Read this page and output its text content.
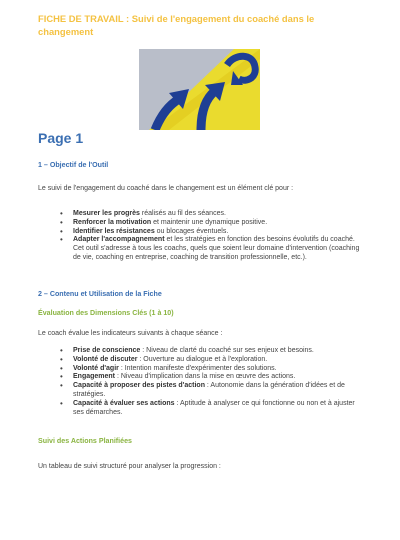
FICHE DE TRAVAIL : Suivi de l'engagement du coaché dans le changement
Page 1
1 – Objectif de l'Outil
Le suivi de l'engagement du coaché dans le changement est un élément clé pour :
• Mesurer les progrès réalisés au fil des séances.
• Renforcer la motivation et maintenir une dynamique positive.
• Identifier les résistances ou blocages éventuels.
• Adapter l'accompagnement et les stratégies en fonction des besoins évolutifs du coaché. Cet outil s'adresse à tous les coachs, quels que soient leur domaine d'intervention (coaching de vie, coaching en entreprise, coaching de transition professionnelle, etc.).
2 – Contenu et Utilisation de la Fiche
Évaluation des Dimensions Clés (1 à 10)
Le coach évalue les indicateurs suivants à chaque séance :
• Prise de conscience : Niveau de clarté du coaché sur ses enjeux et besoins.
• Volonté de discuter : Ouverture au dialogue et à l'exploration.
• Volonté d'agir : Intention manifeste d'expérimenter des solutions.
• Engagement : Niveau d'implication dans la mise en œuvre des actions.
• Capacité à proposer des pistes d'action : Autonomie dans la génération d'idées et de stratégies.
• Capacité à évaluer ses actions : Aptitude à analyser ce qui fonctionne ou non et à ajuster ses démarches.
Suivi des Actions Planifiées
Un tableau de suivi structuré pour analyser la progression :
